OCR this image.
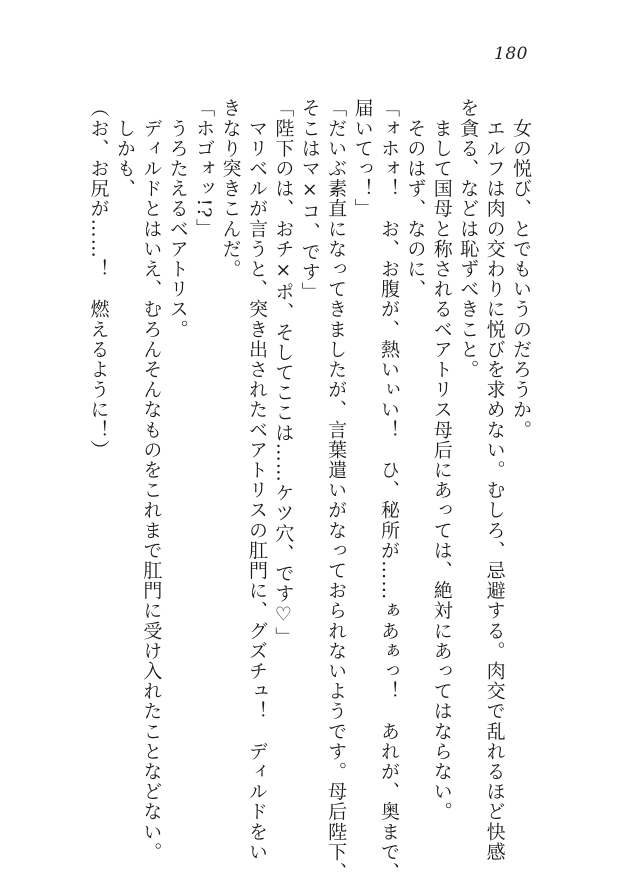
180
　女の悦び、とでもいうのだろうか。
　エルフは肉の交わりに悦びを求めない。むしろ、忌避する。肉交で乱れるほど快感
を貪る、などは恥ずべきこと。
　まして国母と称されるベアトリス母后にあっては、絶対にあってはならない。
　そのはず、なのに、
「ォホォ！　お、お腹が、熱いぃい！　ひ、秘所が……ぁあぁっ！　あれが、奥まで、
届いてっ！」
「だいぶ素直になってきましたが、言葉遣いがなっておられないようです。母后陛下、
そこはマ×コ、です」
「陛下のは、おチ×ポ、そしてここは……ケツ穴、です♡」
　マリベルが言うと、突き出されたベアトリスの肛門に、グズチュ！　ディルドをい
きなり突きこんだ。
「ホゴォッ!?」
　うろたえるベアトリス。
　ディルドとはいえ、むろんそんなものをこれまで肛門に受け入れたことなどない。
　しかも、
（お、お尻が……！　燃えるように！）
